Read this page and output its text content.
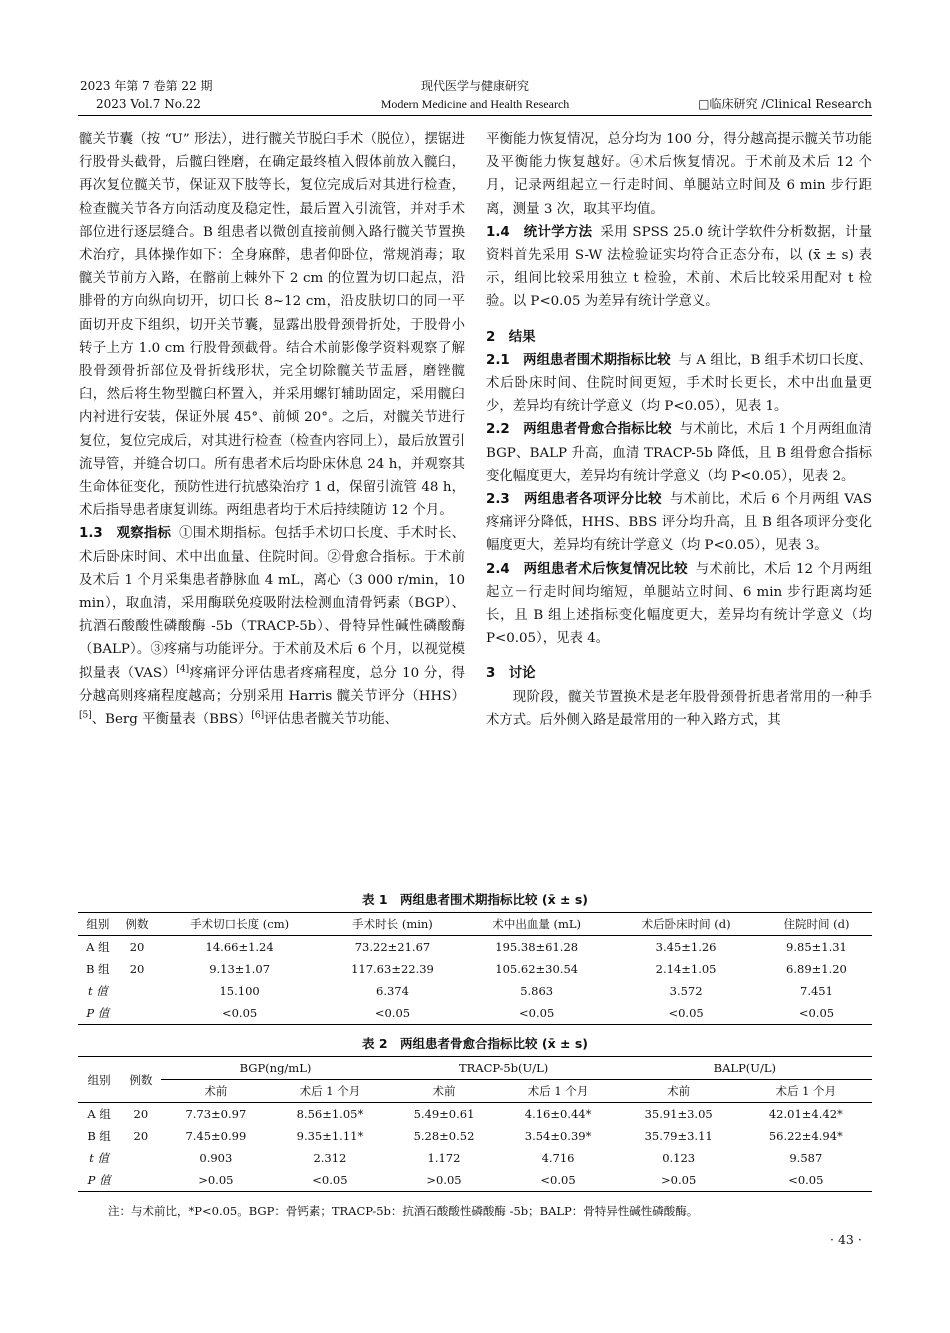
2023 年第 7 卷第 22 期
2023 Vol.7 No.22
现代医学与健康研究
Modern Medicine and Health Research	□临床研究 /Clinical Research

髋关节囊（按 “U” 形法），进行髋关节脱臼手术（脱位），摆锯进行股骨头截骨，后髋臼锉磨，在确定最终植入假体前放入髋臼，再次复位髋关节，保证双下肢等长，复位完成后对其进行检查，检查髋关节各方向活动度及稳定性，最后置入引流管，并对手术部位进行逐层缝合。B 组患者以微创直接前侧入路行髋关节置换术治疗，具体操作如下：全身麻醉，患者仰卧位，常规消毒；取髋关节前方入路，在髂前上棘外下 2 cm 的位置为切口起点，沿腓骨的方向纵向切开，切口长 8~12 cm，沿皮肤切口的同一平面切开皮下组织，切开关节囊，显露出股骨颈骨折处，于股骨小转子上方 1.0 cm 行股骨颈截骨。结合术前影像学资料观察了解股骨颈骨折部位及骨折线形状，完全切除髋关节盂唇，磨锉髋臼，然后将生物型髋臼杯置入，并采用螺钉辅助固定，采用髋臼内衬进行安装，保证外展 45°、前倾 20°。之后，对髋关节进行复位，复位完成后，对其进行检查（检查内容同上），最后放置引流导管，并缝合切口。所有患者术后均卧床休息 24 h，并观察其生命体征变化，预防性进行抗感染治疗 1 d，保留引流管 48 h，术后指导患者康复训练。两组患者均于术后持续随访 12 个月。

1.3　观察指标 ①围术期指标。包括手术切口长度、手术时长、术后卧床时间、术中出血量、住院时间。②骨愈合指标。于术前及术后 1 个月采集患者静脉血 4 mL，离心（3 000 r/min，10 min），取血清，采用酶联免疫吸附法检测血清骨钙素（BGP）、抗酒石酸酸性磷酸酶 -5b（TRACP-5b）、骨特异性碱性磷酸酶（BALP）。③疼痛与功能评分。于术前及术后 6 个月，以视觉模拟量表（VAS）[4]疼痛评分评估患者疼痛程度，总分 10 分，得分越高则疼痛程度越高；分别采用 Harris 髋关节评分（HHS）[5]、Berg 平衡量表（BBS）[6]评估患者髋关节功能、

平衡能力恢复情况，总分均为 100 分，得分越高提示髋关节功能及平衡能力恢复越好。④术后恢复情况。于术前及术后 12 个月，记录两组起立－行走时间、单腿站立时间及 6 min 步行距离，测量 3 次，取其平均值。

1.4　统计学方法 采用 SPSS 25.0 统计学软件分析数据，计量资料首先采用 S-W 法检验证实均符合正态分布，以 (x̄ ± s) 表示，组间比较采用独立 t 检验，术前、术后比较采用配对 t 检验。以 P<0.05 为差异有统计学意义。

2　结果

2.1　两组患者围术期指标比较 与 A 组比，B 组手术切口长度、术后卧床时间、住院时间更短，手术时长更长，术中出血量更少，差异均有统计学意义（均 P<0.05），见表 1。

2.2　两组患者骨愈合指标比较 与术前比，术后 1 个月两组血清 BGP、BALP 升高，血清 TRACP-5b 降低，且 B 组骨愈合指标变化幅度更大，差异均有统计学意义（均 P<0.05），见表 2。

2.3　两组患者各项评分比较 与术前比，术后 6 个月两组 VAS 疼痛评分降低，HHS、BBS 评分均升高，且 B 组各项评分变化幅度更大，差异均有统计学意义（均 P<0.05），见表 3。

2.4　两组患者术后恢复情况比较 与术前比，术后 12 个月两组起立－行走时间均缩短，单腿站立时间、6 min 步行距离均延长，且 B 组上述指标变化幅度更大，差异均有统计学意义（均 P<0.05），见表 4。

3　讨论

现阶段，髋关节置换术是老年股骨颈骨折患者常用的一种手术方式。后外侧入路是最常用的一种入路方式，其

表 1　两组患者围术期指标比较 (x̄ ± s)
组别	例数	手术切口长度 (cm)	手术时长 (min)	术中出血量 (mL)	术后卧床时间 (d)	住院时间 (d)
A 组	20	14.66±1.24	73.22±21.67	195.38±61.28	3.45±1.26	9.85±1.31
B 组	20	9.13±1.07	117.63±22.39	105.62±30.54	2.14±1.05	6.89±1.20
t 值		15.100	6.374	5.863	3.572	7.451
P 值		<0.05	<0.05	<0.05	<0.05	<0.05
表 2　两组患者骨愈合指标比较 (x̄ ± s)
组别	例数	BGP(ng/mL)		TRACP-5b(U/L)		BALP(U/L)	
		术前	术后 1 个月	术前	术后 1 个月	术前	术后 1 个月
A 组	20	7.73±0.97	8.56±1.05*	5.49±0.61	4.16±0.44*	35.91±3.05	42.01±4.42*
B 组	20	7.45±0.99	9.35±1.11*	5.28±0.52	3.54±0.39*	35.79±3.11	56.22±4.94*
t 值		0.903	2.312	1.172	4.716	0.123	9.587
P 值		>0.05	<0.05	>0.05	<0.05	>0.05	<0.05
注：与术前比，*P<0.05。BGP：骨钙素；TRACP-5b：抗酒石酸酸性磷酸酶 -5b；BALP：骨特异性碱性磷酸酶。
· 43 ·
